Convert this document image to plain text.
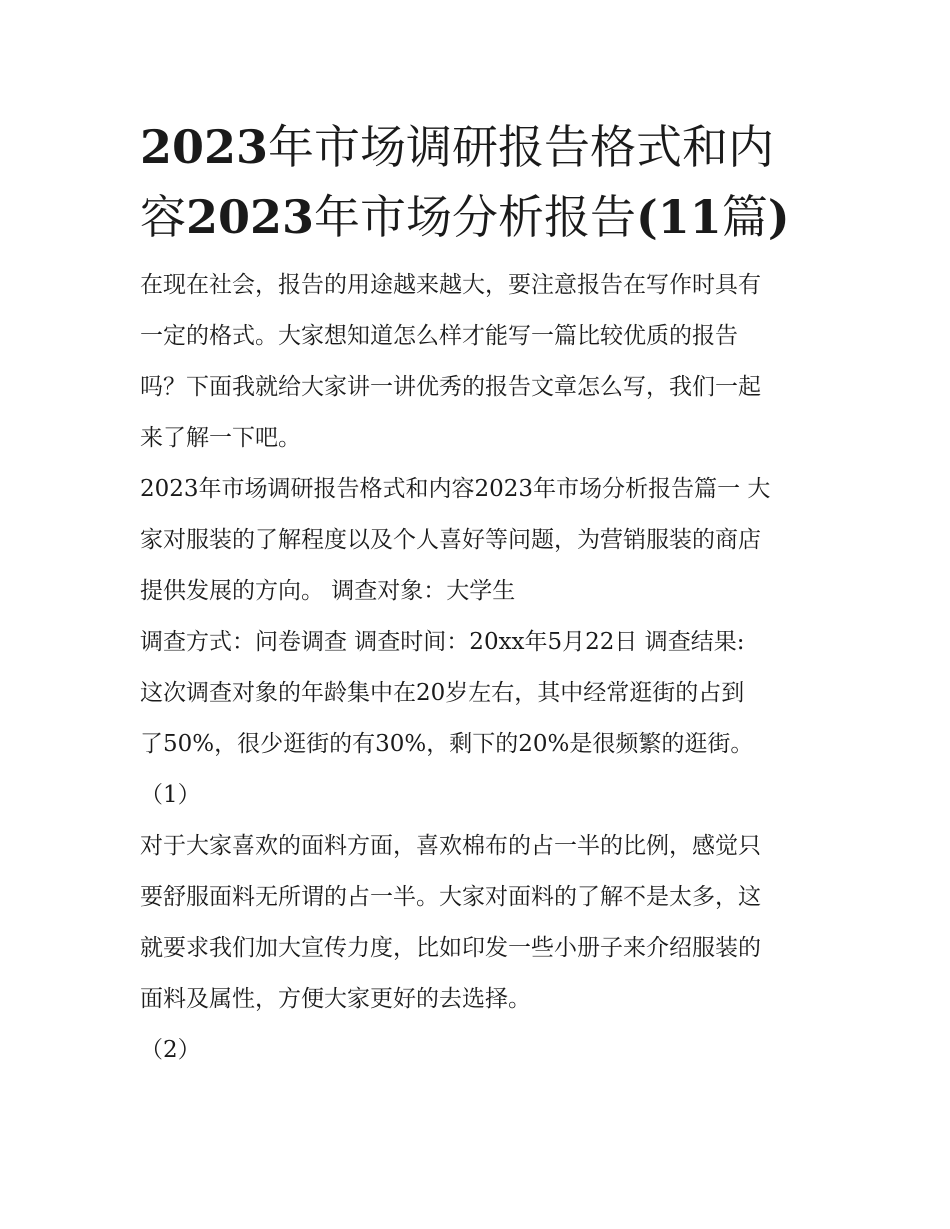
2023年市场调研报告格式和内
容2023年市场分析报告(11篇)

在现在社会，报告的用途越来越大，要注意报告在写作时具有
一定的格式。大家想知道怎么样才能写一篇比较优质的报告
吗？下面我就给大家讲一讲优秀的报告文章怎么写，我们一起
来了解一下吧。

2023年市场调研报告格式和内容2023年市场分析报告篇一 大
家对服装的了解程度以及个人喜好等问题，为营销服装的商店
提供发展的方向。 调查对象：大学生

调查方式：问卷调查 调查时间：20xx年5月22日 调查结果:
这次调查对象的年龄集中在20岁左右，其中经常逛街的占到
了50%，很少逛街的有30%，剩下的20%是很频繁的逛街。

（1）

对于大家喜欢的面料方面，喜欢棉布的占一半的比例，感觉只
要舒服面料无所谓的占一半。大家对面料的了解不是太多，这
就要求我们加大宣传力度，比如印发一些小册子来介绍服装的
面料及属性，方便大家更好的去选择。

（2）
